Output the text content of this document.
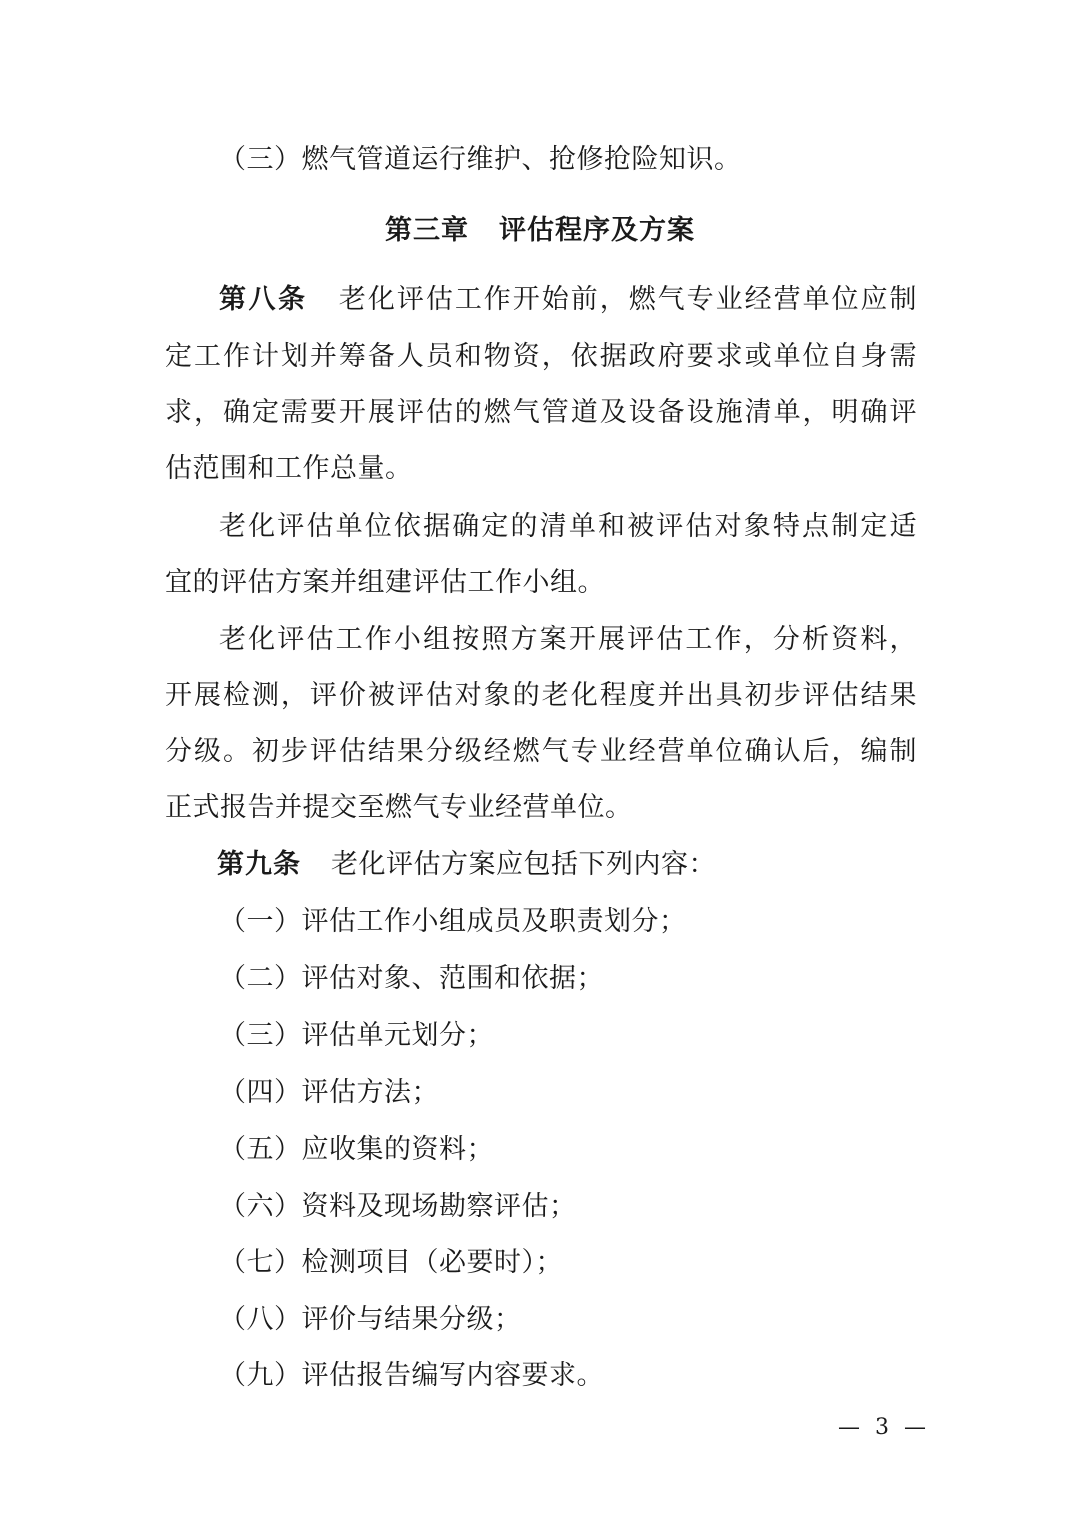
（三）燃气管道运行维护、抢修抢险知识。
第三章 评估程序及方案
第八条 老化评估工作开始前，燃气专业经营单位应制
定工作计划并筹备人员和物资，依据政府要求或单位自身需
求，确定需要开展评估的燃气管道及设备设施清单，明确评
估范围和工作总量。
老化评估单位依据确定的清单和被评估对象特点制定适
宜的评估方案并组建评估工作小组。
老化评估工作小组按照方案开展评估工作，分析资料，
开展检测，评价被评估对象的老化程度并出具初步评估结果
分级。初步评估结果分级经燃气专业经营单位确认后，编制
正式报告并提交至燃气专业经营单位。
第九条 老化评估方案应包括下列内容：
（一）评估工作小组成员及职责划分；
（二）评估对象、范围和依据；
（三）评估单元划分；
（四）评估方法；
（五）应收集的资料；
（六）资料及现场勘察评估；
（七）检测项目（必要时）；
（八）评价与结果分级；
（九）评估报告编写内容要求。
— 3 —
